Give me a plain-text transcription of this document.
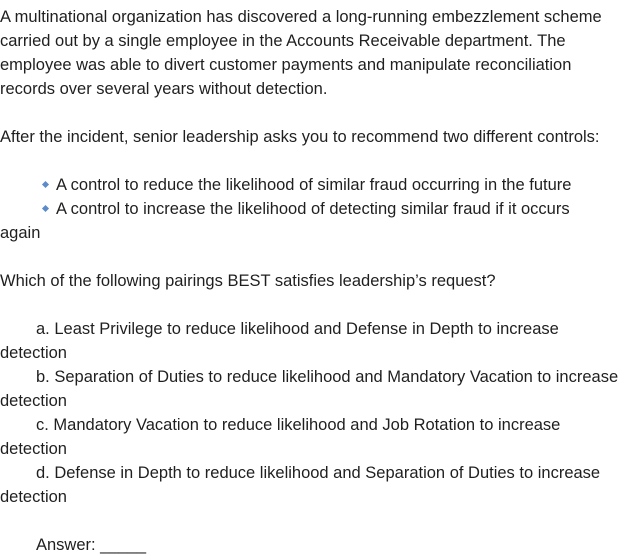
A multinational organization has discovered a long-running embezzlement scheme
carried out by a single employee in the Accounts Receivable department. The
employee was able to divert customer payments and manipulate reconciliation
records over several years without detection.

After the incident, senior leadership asks you to recommend two different controls:

A control to reduce the likelihood of similar fraud occurring in the future
A control to increase the likelihood of detecting similar fraud if it occurs
again

Which of the following pairings BEST satisfies leadership’s request?

a. Least Privilege to reduce likelihood and Defense in Depth to increase
detection
b. Separation of Duties to reduce likelihood and Mandatory Vacation to increase
detection
c. Mandatory Vacation to reduce likelihood and Job Rotation to increase
detection
d. Defense in Depth to reduce likelihood and Separation of Duties to increase
detection
Answer: _____
